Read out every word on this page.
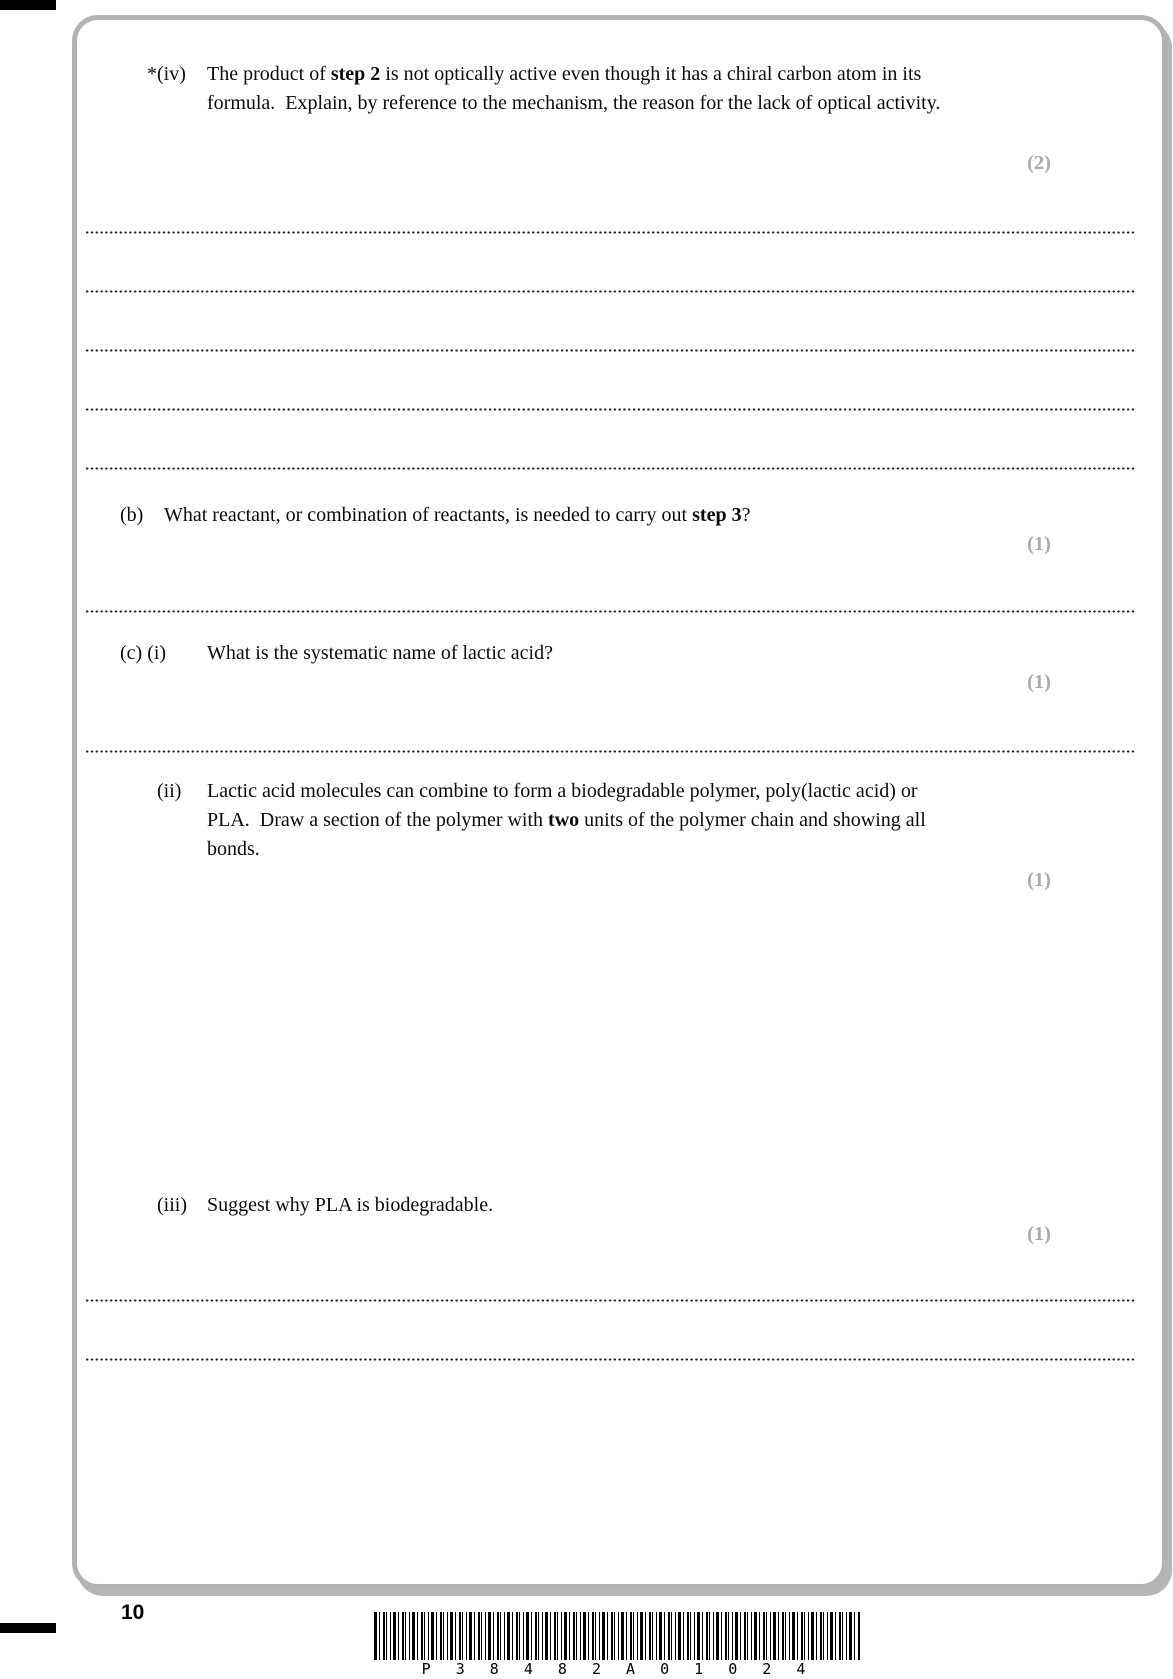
*(iv)	The product of step 2 is not optically active even though it has a chiral carbon atom in its formula.  Explain, by reference to the mechanism, the reason for the lack of optical activity.
(2)
(b)	What reactant, or combination of reactants, is needed to carry out step 3?
(1)
(c) (i)	What is the systematic name of lactic acid?
(1)
(ii)	Lactic acid molecules can combine to form a biodegradable polymer, poly(lactic acid) or PLA.  Draw a section of the polymer with two units of the polymer chain and showing all bonds.
(1)
(iii)	Suggest why PLA is biodegradable.
(1)
10
P 3 8 4 8 2 A 0 1 0 2 4
